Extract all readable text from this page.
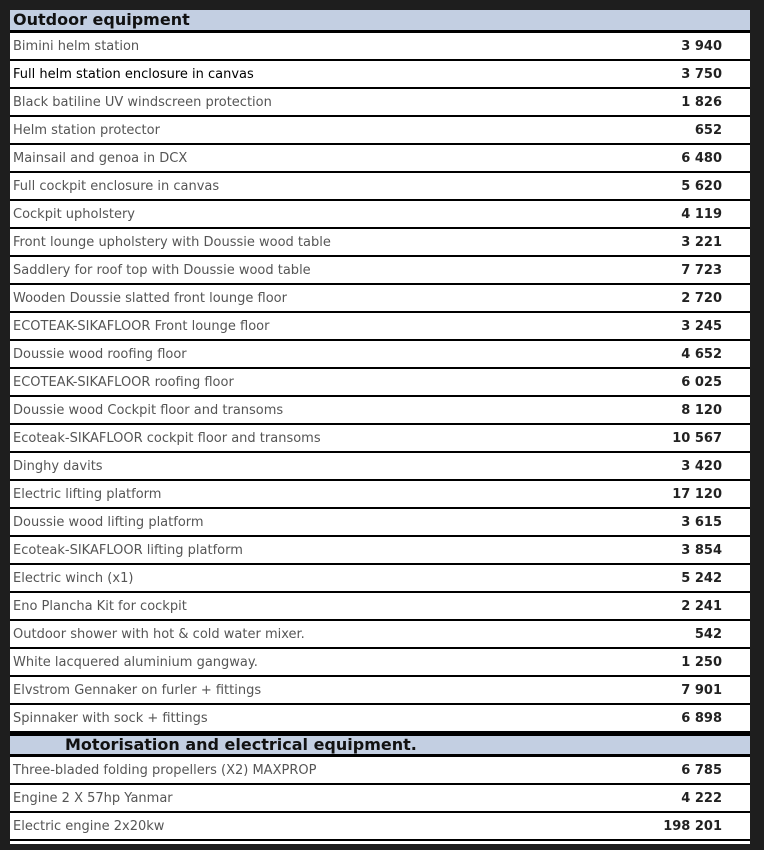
Outdoor equipment
Bimini helm station	3 940
Full helm station enclosure in canvas	3 750
Black batiline UV windscreen protection	1 826
Helm station protector	652
Mainsail and genoa in DCX	6 480
Full cockpit enclosure in canvas	5 620
Cockpit upholstery	4 119
Front lounge upholstery with Doussie wood table	3 221
Saddlery for roof top with Doussie wood table	7 723
Wooden Doussie slatted front lounge floor	2 720
ECOTEAK-SIKAFLOOR Front lounge floor	3 245
Doussie wood roofing floor	4 652
ECOTEAK-SIKAFLOOR roofing floor	6 025
Doussie wood Cockpit floor and transoms	8 120
Ecoteak-SIKAFLOOR cockpit floor and transoms	10 567
Dinghy davits	3 420
Electric lifting platform	17 120
Doussie wood lifting platform	3 615
Ecoteak-SIKAFLOOR lifting platform	3 854
Electric winch (x1)	5 242
Eno Plancha Kit for cockpit	2 241
Outdoor shower with hot & cold water mixer.	542
White lacquered aluminium gangway.	1 250
Elvstrom Gennaker on furler + fittings	7 901
Spinnaker with sock + fittings	6 898
Motorisation and electrical equipment.
Three-bladed folding propellers (X2) MAXPROP	6 785
Engine 2 X 57hp Yanmar	4 222
Electric engine 2x20kw	198 201
